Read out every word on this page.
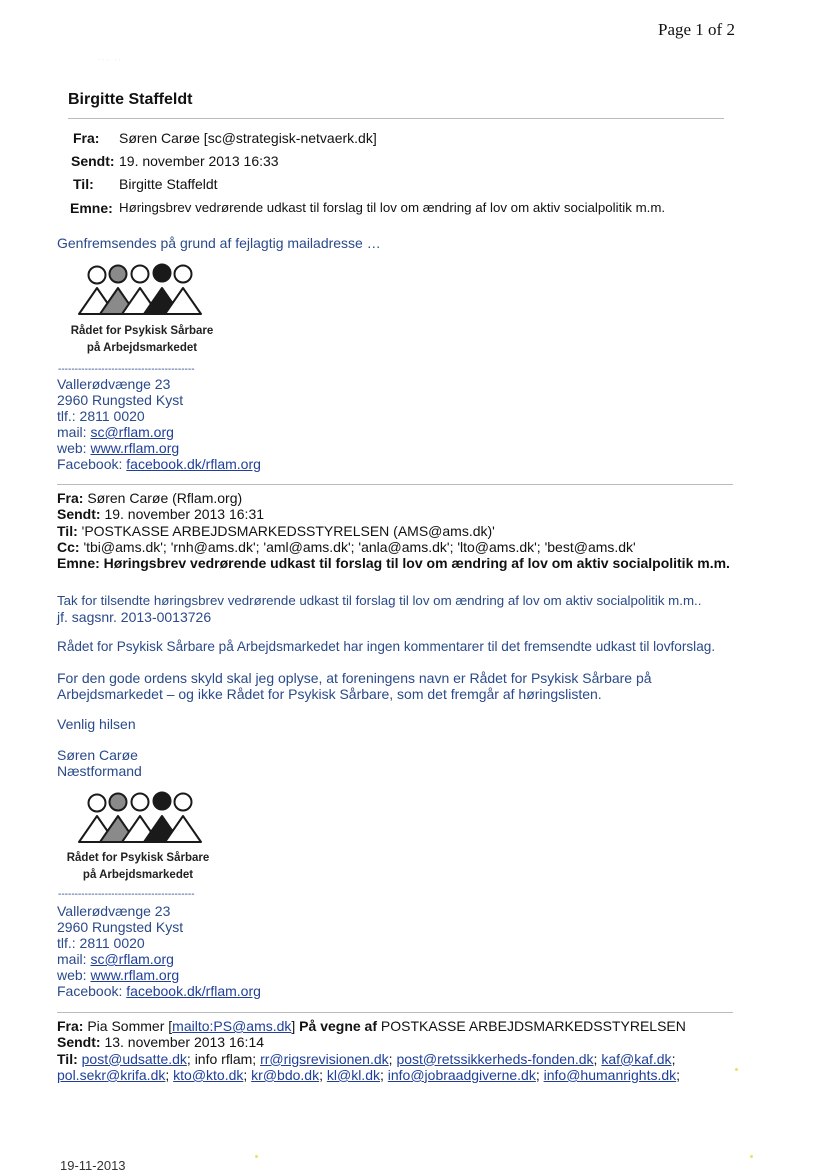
Page 1 of 2
˙ ˙ ˙   ˙ ˙
Birgitte Staffeldt
Fra: Søren Carøe [sc@strategisk-netvaerk.dk]
Sendt: 19. november 2013 16:33
Til: Birgitte Staffeldt
Emne: Høringsbrev vedrørende udkast til forslag til lov om ændring af lov om aktiv socialpolitik m.m.
Genfremsendes på grund af fejlagtig mailadresse …
Rådet for Psykisk Sårbare
på Arbejdsmarkedet
-----------------------------------------
Vallerødvænge 23
2960 Rungsted Kyst
tlf.: 2811 0020
mail: sc@rflam.org
web: www.rflam.org
Facebook: facebook.dk/rflam.org
Fra: Søren Carøe (Rflam.org)
Sendt: 19. november 2013 16:31
Til: 'POSTKASSE ARBEJDSMARKEDSSTYRELSEN (AMS@ams.dk)'
Cc: 'tbi@ams.dk'; 'rnh@ams.dk'; 'aml@ams.dk'; 'anla@ams.dk'; 'lto@ams.dk'; 'best@ams.dk'
Emne: Høringsbrev vedrørende udkast til forslag til lov om ændring af lov om aktiv socialpolitik m.m.
Tak for tilsendte høringsbrev vedrørende udkast til forslag til lov om ændring af lov om aktiv socialpolitik m.m..
jf. sagsnr. 2013-0013726
Rådet for Psykisk Sårbare på Arbejdsmarkedet har ingen kommentarer til det fremsendte udkast til lovforslag.
For den gode ordens skyld skal jeg oplyse, at foreningens navn er Rådet for Psykisk Sårbare på
Arbejdsmarkedet – og ikke Rådet for Psykisk Sårbare, som det fremgår af høringslisten.
Venlig hilsen
Søren Carøe
Næstformand
Rådet for Psykisk Sårbare
på Arbejdsmarkedet
-----------------------------------------
Vallerødvænge 23
2960 Rungsted Kyst
tlf.: 2811 0020
mail: sc@rflam.org
web: www.rflam.org
Facebook: facebook.dk/rflam.org
Fra: Pia Sommer [mailto:PS@ams.dk] På vegne af POSTKASSE ARBEJDSMARKEDSSTYRELSEN
Sendt: 13. november 2013 16:14
Til: post@udsatte.dk; info rflam; rr@rigsrevisionen.dk; post@retssikkerheds-fonden.dk; kaf@kaf.dk;
pol.sekr@krifa.dk; kto@kto.dk; kr@bdo.dk; kl@kl.dk; info@jobraadgiverne.dk; info@humanrights.dk;
19-11-2013
